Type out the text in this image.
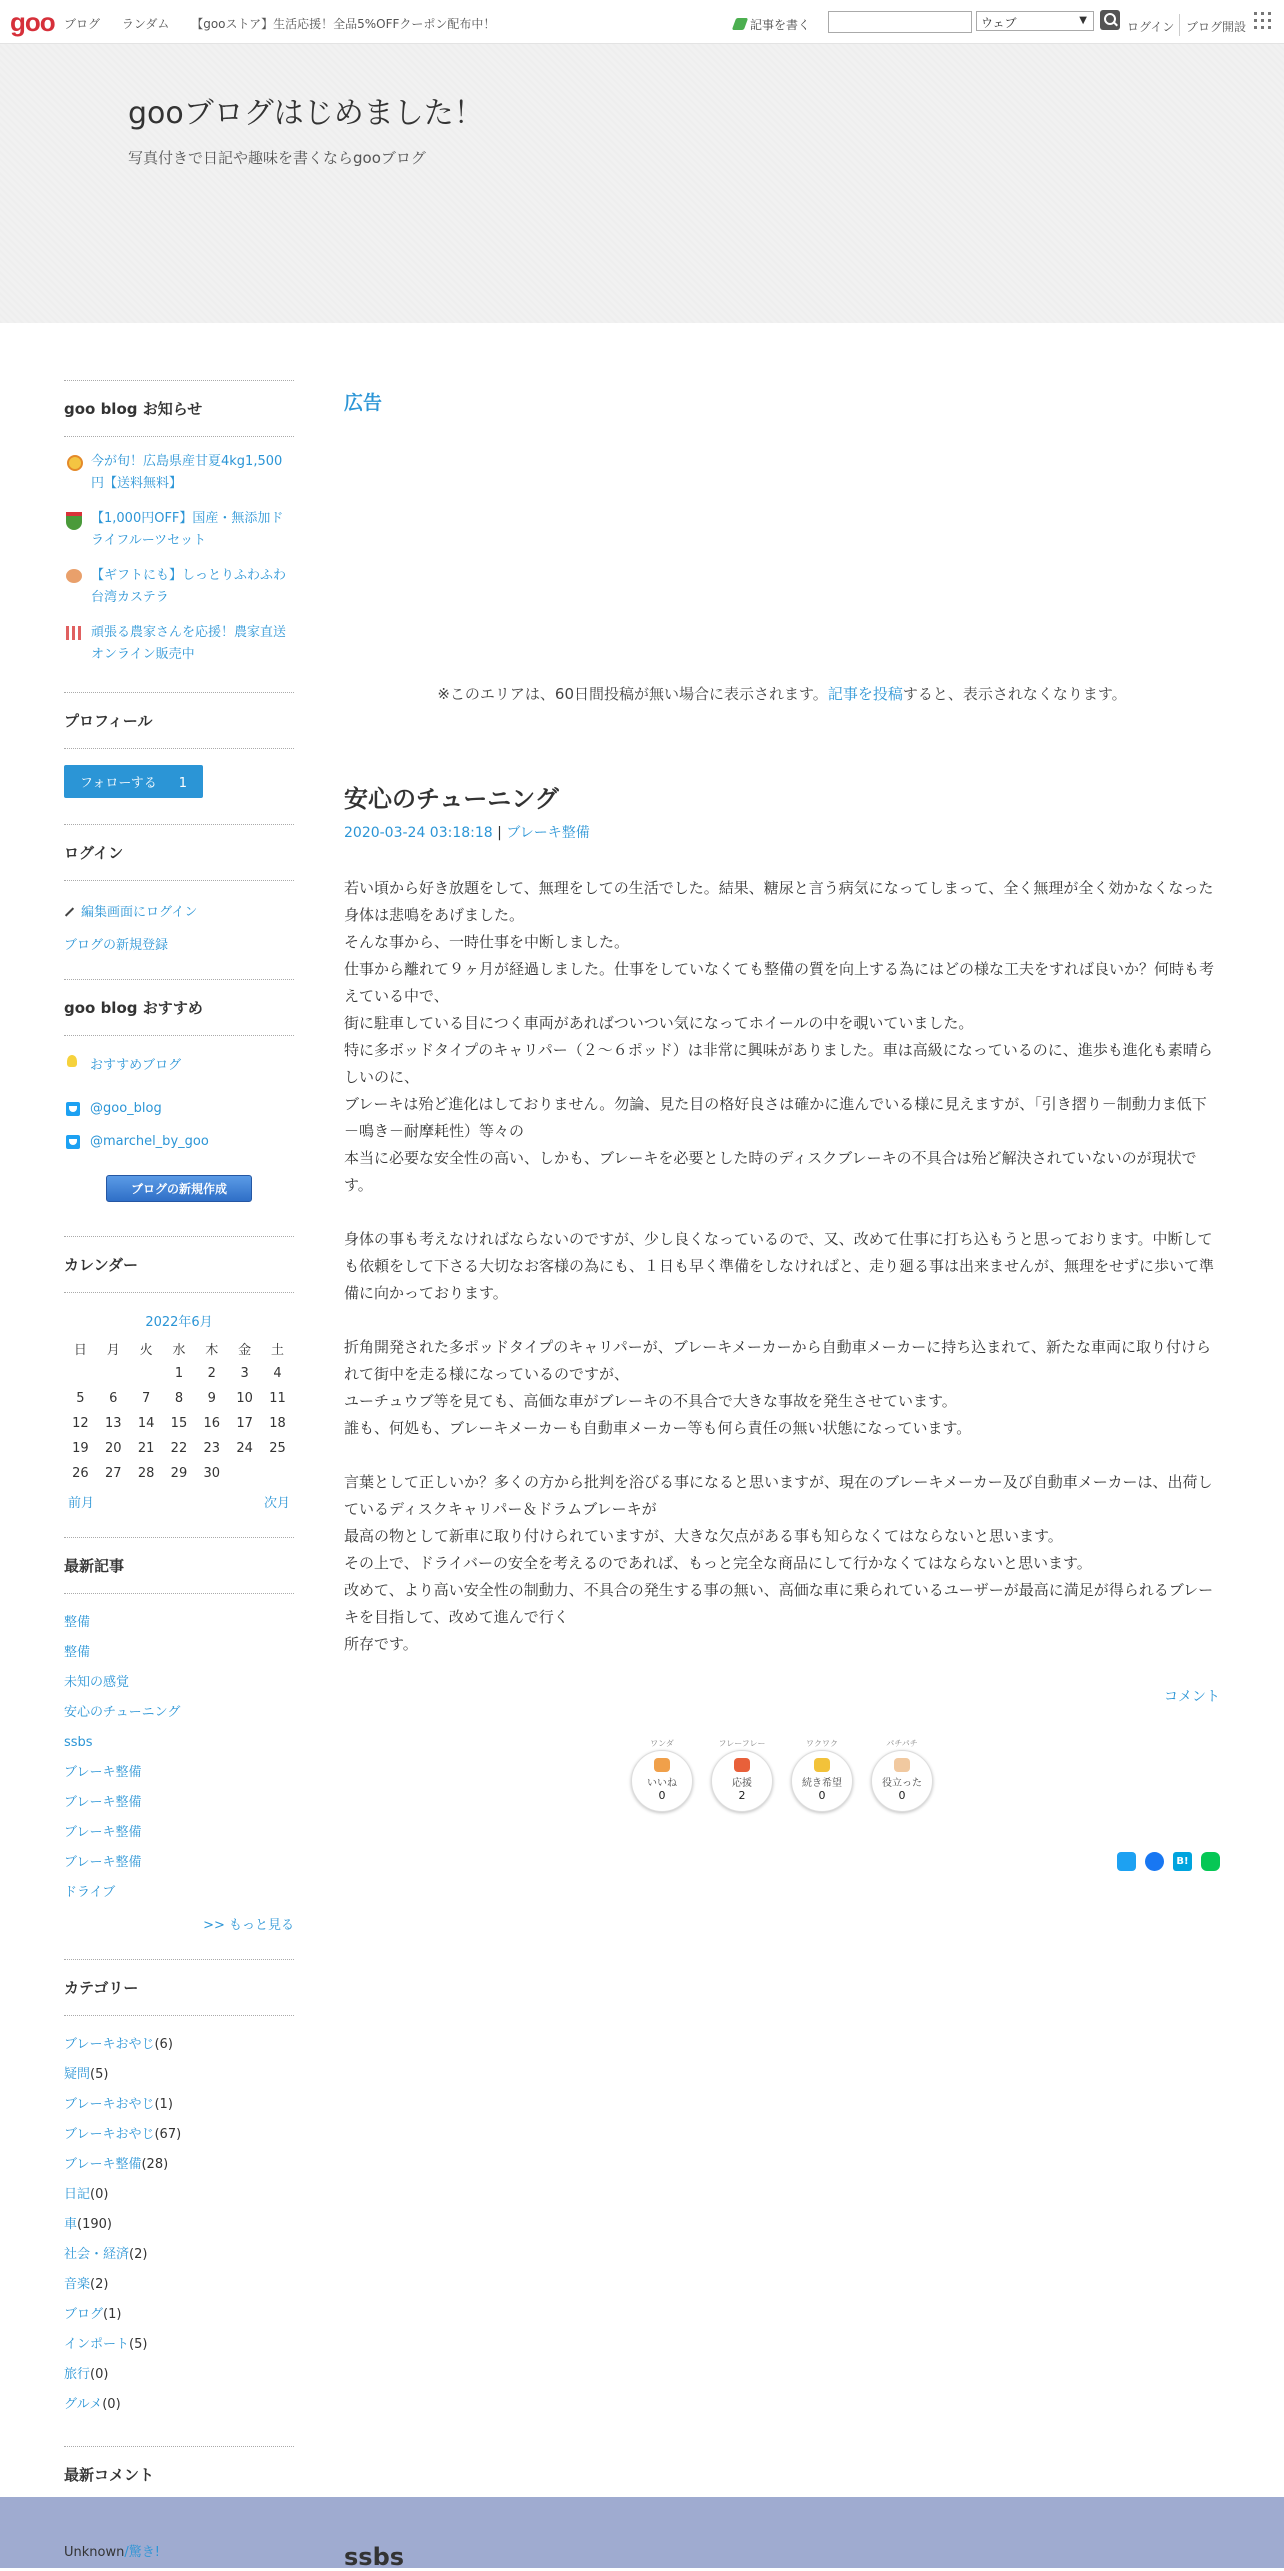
goo ブログ ランダム 【gooストア】生活応援！全品5%OFFクーポン配布中！	記事を書く	ウェブ	▼	ログイン ブログ開設
gooブログはじめました！
写真付きで日記や趣味を書くならgooブログ
goo blog お知らせ
今が旬！広島県産甘夏4kg1,500円【送料無料】
【1,000円OFF】国産・無添加ドライフルーツセット
【ギフトにも】しっとりふわふわ台湾カステラ
頑張る農家さんを応援！農家直送オンライン販売中
プロフィール
フォローする 1
ログイン
編集画面にログイン
ブログの新規登録
goo blog おすすめ
おすすめブログ
@goo_blog
@marchel_by_goo
ブログの新規作成
カレンダー
2022年6月
日	月	火	水	木	金	土
			1	2	3	4
5	6	7	8	9	10	11
12	13	14	15	16	17	18
19	20	21	22	23	24	25
26	27	28	29	30		
前月	次月
最新記事
整備
整備
未知の感覚
安心のチューニング
ssbs
ブレーキ整備
ブレーキ整備
ブレーキ整備
ブレーキ整備
ドライブ
>> もっと見る
カテゴリー
ブレーキおやじ(6)
疑問(5)
ブレーキおやじ(1)
ブレーキおやじ(67)
ブレーキ整備(28)
日記(0)
車(190)
社会・経済(2)
音楽(2)
ブログ(1)
インポート(5)
旅行(0)
グルメ(0)
最新コメント
広告
※このエリアは、60日間投稿が無い場合に表示されます。記事を投稿すると、表示されなくなります。
安心のチューニング
2020-03-24 03:18:18 | ブレーキ整備

若い頃から好き放題をして、無理をしての生活でした。結果、糖尿と言う病気になってしまって、全く無理が全く効かなくなった身体は悲鳴をあげました。
そんな事から、一時仕事を中断しました。
仕事から離れて９ヶ月が経過しました。仕事をしていなくても整備の質を向上する為にはどの様な工夫をすれば良いか？何時も考えている中で、
街に駐車している目につく車両があればついつい気になってホイールの中を覗いていました。
特に多ボッドタイプのキャリパー（２～６ポッド）は非常に興味がありました。車は高級になっているのに、進歩も進化も素晴らしいのに、
ブレーキは殆ど進化はしておりません。勿論、見た目の格好良さは確かに進んでいる様に見えますが、「引き摺り－制動力ま低下－鳴き－耐摩耗性）等々の
本当に必要な安全性の高い、しかも、ブレーキを必要とした時のディスクブレーキの不具合は殆ど解決されていないのが現状です。

身体の事も考えなければならないのですが、少し良くなっているので、又、改めて仕事に打ち込もうと思っております。中断しても依頼をして下さる大切なお客様の為にも、１日も早く準備をしなければと、走り廻る事は出来ませんが、無理をせずに歩いて準備に向かっております。

折角開発された多ポッドタイプのキャリパーが、ブレーキメーカーから自動車メーカーに持ち込まれて、新たな車両に取り付けられて街中を走る様になっているのですが、
ユーチュウブ等を見ても、高価な車がブレーキの不具合で大きな事故を発生させています。
誰も、何処も、ブレーキメーカーも自動車メーカー等も何ら責任の無い状態になっています。

言葉として正しいか？多くの方から批判を浴びる事になると思いますが、現在のブレーキメーカー及び自動車メーカーは、出荷しているディスクキャリパー＆ドラムブレーキが
最高の物として新車に取り付けられていますが、大きな欠点がある事も知らなくてはならないと思います。
その上で、ドライバーの安全を考えるのであれば、もっと完全な商品にして行かなくてはならないと思います。
改めて、より高い安全性の制動力、不具合の発生する事の無い、高価な車に乗られているユーザーが最高に満足が得られるブレーキを目指して、改めて進んで行く
所存です。

コメント
ワンダ
いいね
0
フレーフレー
応援
2
ワクワク
続き希望
0
パチパチ
役立った
0
B!
Unknown/驚き!	ssbs
